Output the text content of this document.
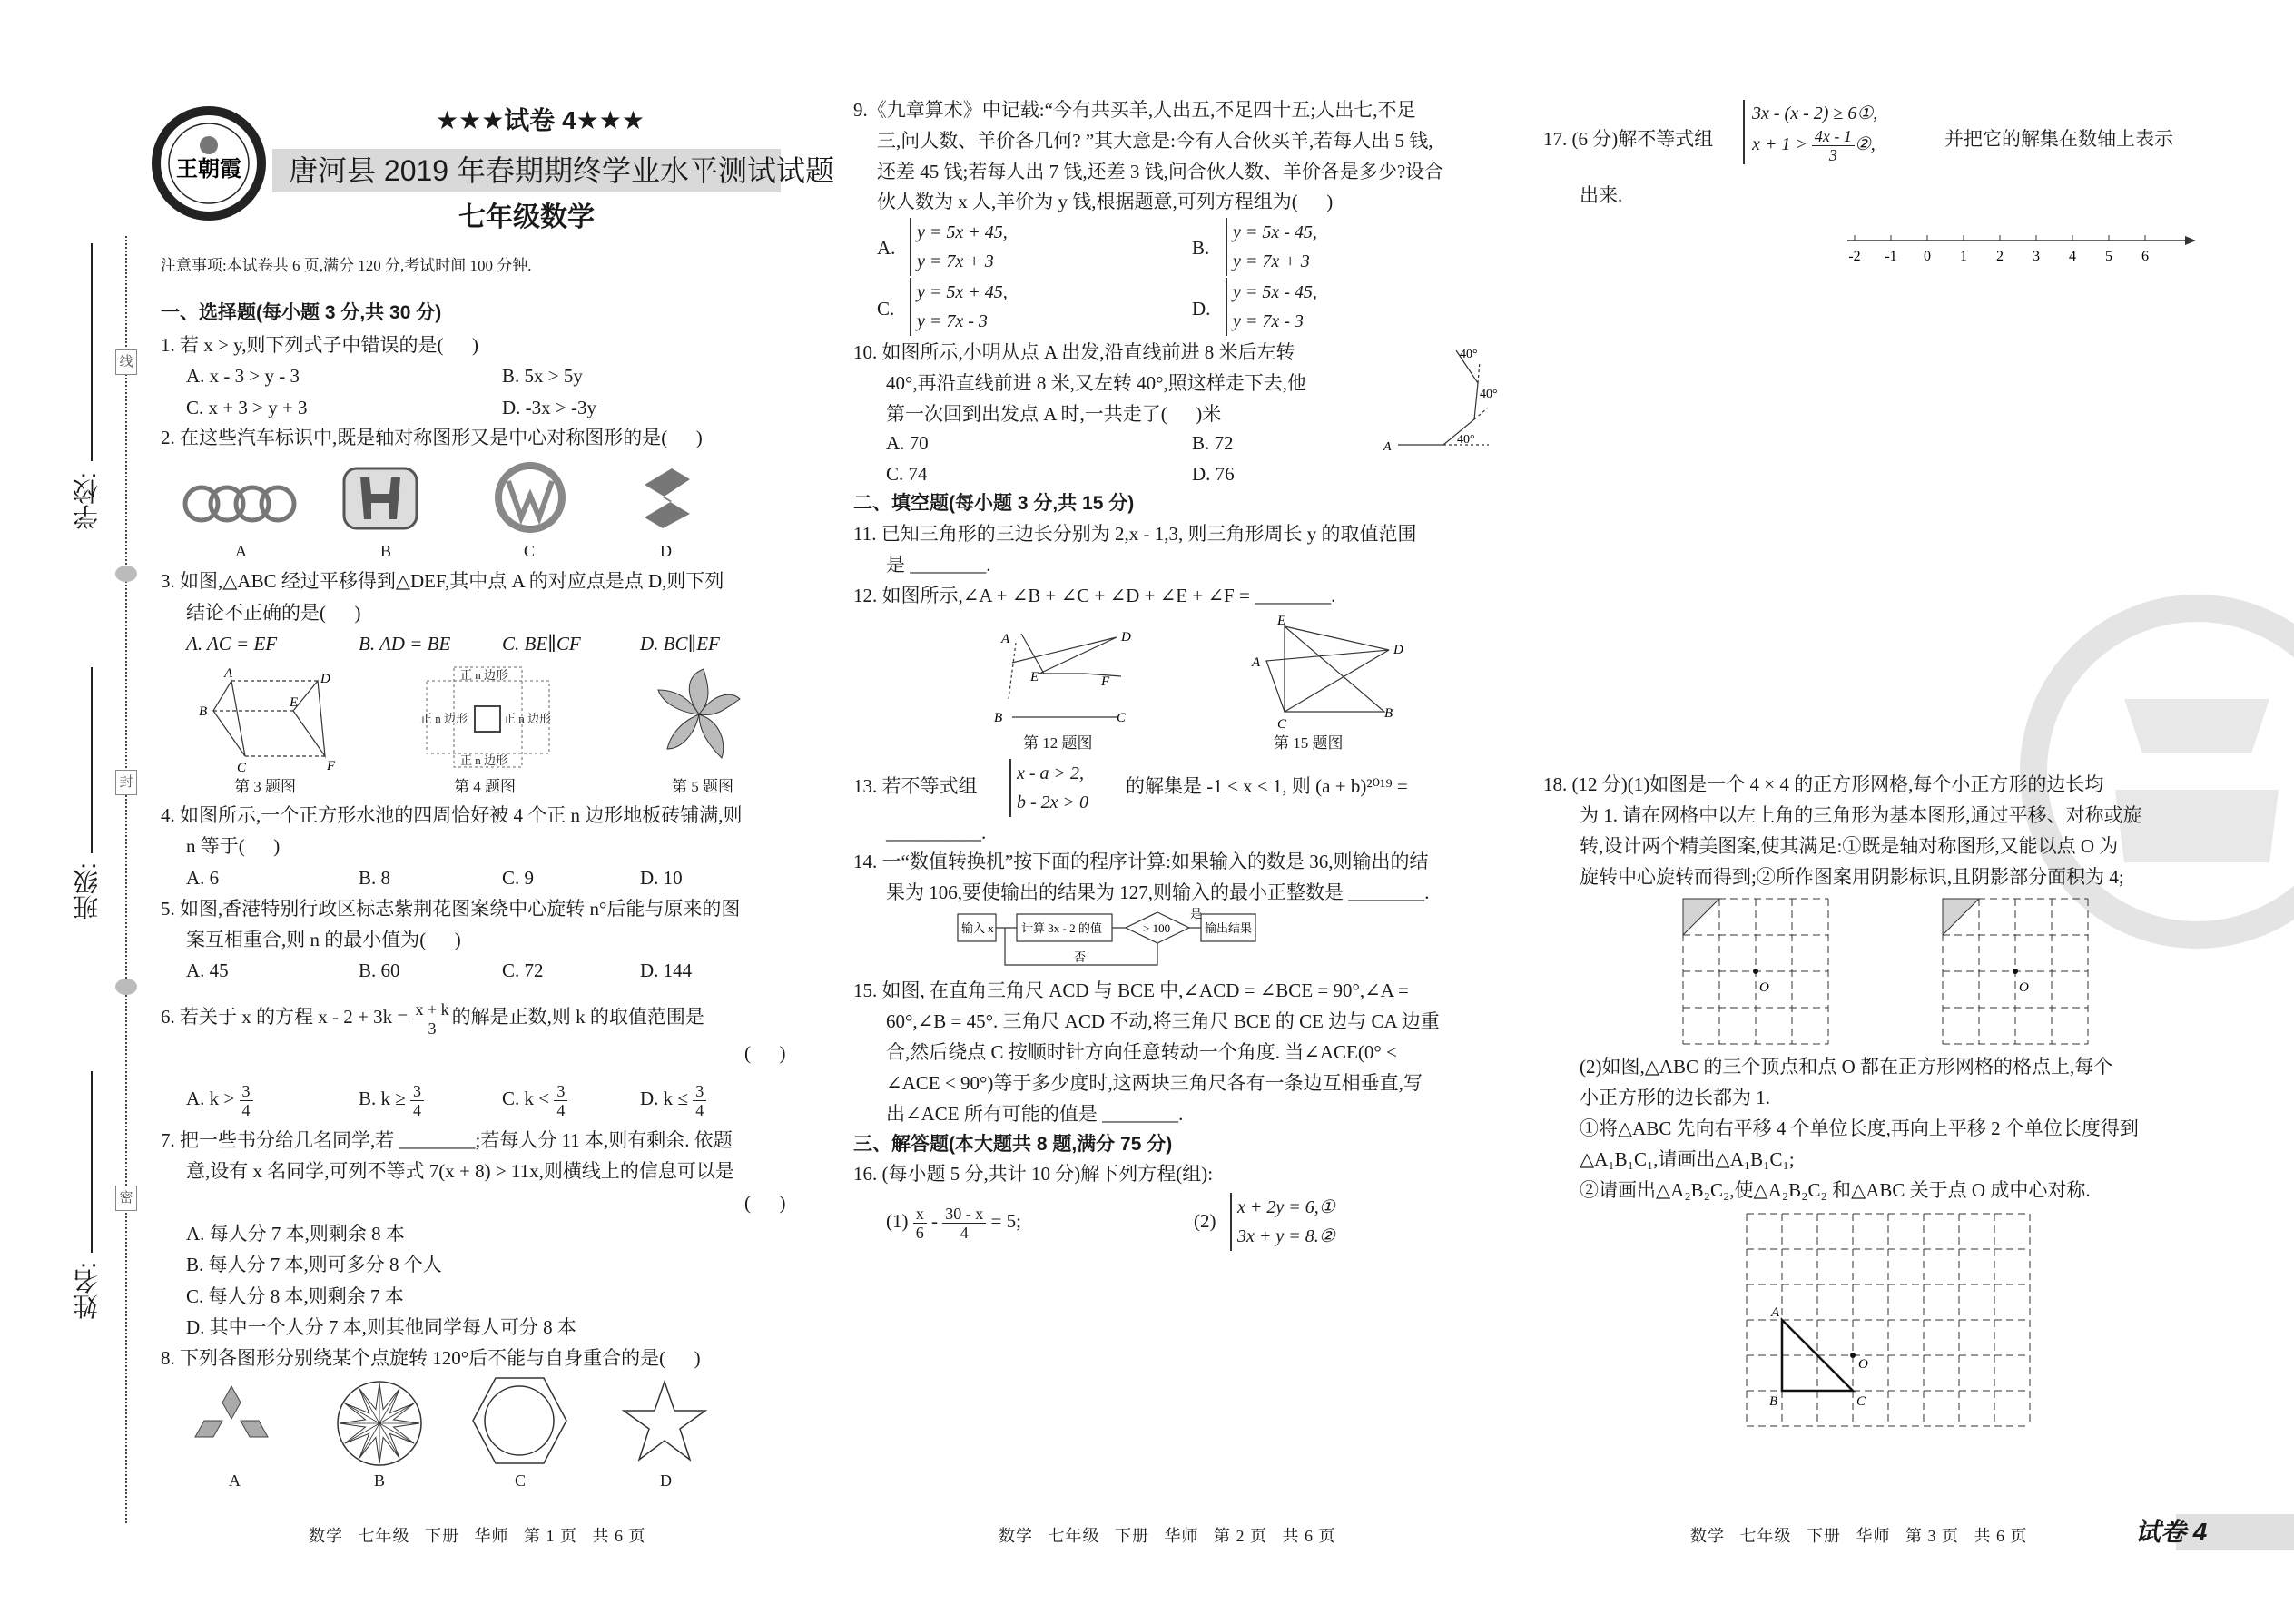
学校:
班级:
姓名:
线
封
密
王朝霞
★★★试卷 4★★★
唐河县 2019 年春期期终学业水平测试试题
七年级数学
注意事项:本试卷共 6 页,满分 120 分,考试时间 100 分钟.
一、选择题(每小题 3 分,共 30 分)
1. 若 x > y,则下列式子中错误的是(      )
A. x - 3 > y - 3	B. 5x > 5y
C. x + 3 > y + 3	D. -3x > -3y
2. 在这些汽车标识中,既是轴对称图形又是中心对称图形的是(      )
A	B	C	D
3. 如图,△ABC 经过平移得到△DEF,其中点 A 的对应点是点 D,则下列
结论不正确的是(      )
A. AC = EF	B. AD = BE	C. BE∥CF	D. BC∥EF
A
B
C
D
E
F
正 n 边形
正 n 边形	正 n 边形
正 n 边形
第 3 题图	第 4 题图	第 5 题图
4. 如图所示,一个正方形水池的四周恰好被 4 个正 n 边形地板砖铺满,则
n 等于(      )
A. 6	B. 8	C. 9	D. 10
5. 如图,香港特别行政区标志紫荆花图案绕中心旋转 n°后能与原来的图
案互相重合,则 n 的最小值为(      )
A. 45	B. 60	C. 72	D. 144
6. 若关于 x 的方程 $x - 2 + 3k = \frac{x + k}{3}$ 的解是正数,则 k 的取值范围是
(      )
A. $k > \frac{3}{4}$	B. $k \ge \frac{3}{4}$	C. $k < \frac{3}{4}$	D. $k \le \frac{3}{4}$
7. 把一些书分给几名同学,若 ________;若每人分 11 本,则有剩余. 依题
意,设有 x 名同学,可列不等式 7(x + 8) > 11x,则横线上的信息可以是
(      )
A. 每人分 7 本,则剩余 8 本
B. 每人分 7 本,则可多分 8 个人
C. 每人分 8 本,则剩余 7 本
D. 其中一个人分 7 本,则其他同学每人可分 8 本
8. 下列各图形分别绕某个点旋转 120°后不能与自身重合的是(      )
A	B	C	D
数学   七年级   下册   华师   第 1 页   共 6 页
9.《九章算术》中记载:“今有共买羊,人出五,不足四十五;人出七,不足
三,问人数、羊价各几何? ”其大意是:今有人合伙买羊,若每人出 5 钱,
还差 45 钱;若每人出 7 钱,还差 3 钱,问合伙人数、羊价各是多少?设合
伙人数为 x 人,羊价为 y 钱,根据题意,可列方程组为(      )
A.
y = 5x + 45,
y = 7x + 3
B.
y = 5x - 45,
y = 7x + 3
C.
y = 5x + 45,
y = 7x - 3
D.
y = 5x - 45,
y = 7x - 3
10. 如图所示,小明从点 A 出发,沿直线前进 8 米后左转
40°,再沿直线前进 8 米,又左转 40°,照这样走下去,他
第一次回到出发点 A 时,一共走了(      )米
A. 70	B. 72
C. 74	D. 76
40°
40°
40°
A
二、填空题(每小题 3 分,共 15 分)
11. 已知三角形的三边长分别为 2,x - 1,3, 则三角形周长 y 的取值范围
是 ________.
12. 如图所示,∠A + ∠B + ∠C + ∠D + ∠E + ∠F = ________.
A
B	C
D
E	F
E
A
D
B
C
第 12 题图	第 15 题图
13. 若不等式组
x - a > 2,
b - 2x > 0
的解集是 -1 < x < 1, 则 (a + b)²⁰¹⁹ =
__________.
14. 一“数值转换机”按下面的程序计算:如果输入的数是 36,则输出的结
果为 106,要使输出的结果为 127,则输入的最小正整数是 ________.
输入 x 计算 3x - 2 的值	> 100
是
输出结果
否
15. 如图, 在直角三角尺 ACD 与 BCE 中,∠ACD = ∠BCE = 90°,∠A =
60°,∠B = 45°. 三角尺 ACD 不动,将三角尺 BCE 的 CE 边与 CA 边重
合,然后绕点 C 按顺时针方向任意转动一个角度. 当∠ACE(0° <
∠ACE < 90°)等于多少度时,这两块三角尺各有一条边互相垂直,写
出∠ACE 所有可能的值是 ________.
三、解答题(本大题共 8 题,满分 75 分)
16. (每小题 5 分,共计 10 分)解下列方程(组):
$(1) \frac{x}{6} - \frac{30 - x}{4} = 5$;	(2)
x + 2y = 6,①
3x + y = 8.②
数学   七年级   下册   华师   第 2 页   共 6 页
17. (6 分)解不等式组
3x - (x - 2) ≥ 6①,
$x + 1 > \frac{4x - 1}{3}$ ②,	并把它的解集在数轴上表示
出来.
-2 -1 0 1 2 3 4 5 6
18. (12 分)(1)如图是一个 4 × 4 的正方形网格,每个小正方形的边长均
为 1. 请在网格中以左上角的三角形为基本图形,通过平移、对称或旋
转,设计两个精美图案,使其满足:①既是轴对称图形,又能以点 O 为
旋转中心旋转而得到;②所作图案用阴影标识,且阴影部分面积为 4;
O	O
(2)如图,△ABC 的三个顶点和点 O 都在正方形网格的格点上,每个
小正方形的边长都为 1.
①将△ABC 先向右平移 4 个单位长度,再向上平移 2 个单位长度得到
△A₁B₁C₁,请画出△A₁B₁C₁;
②请画出△A₂B₂C₂,使△A₂B₂C₂ 和△ABC 关于点 O 成中心对称.
A
B	C
O
数学   七年级   下册   华师   第 3 页   共 6 页	试卷 4
